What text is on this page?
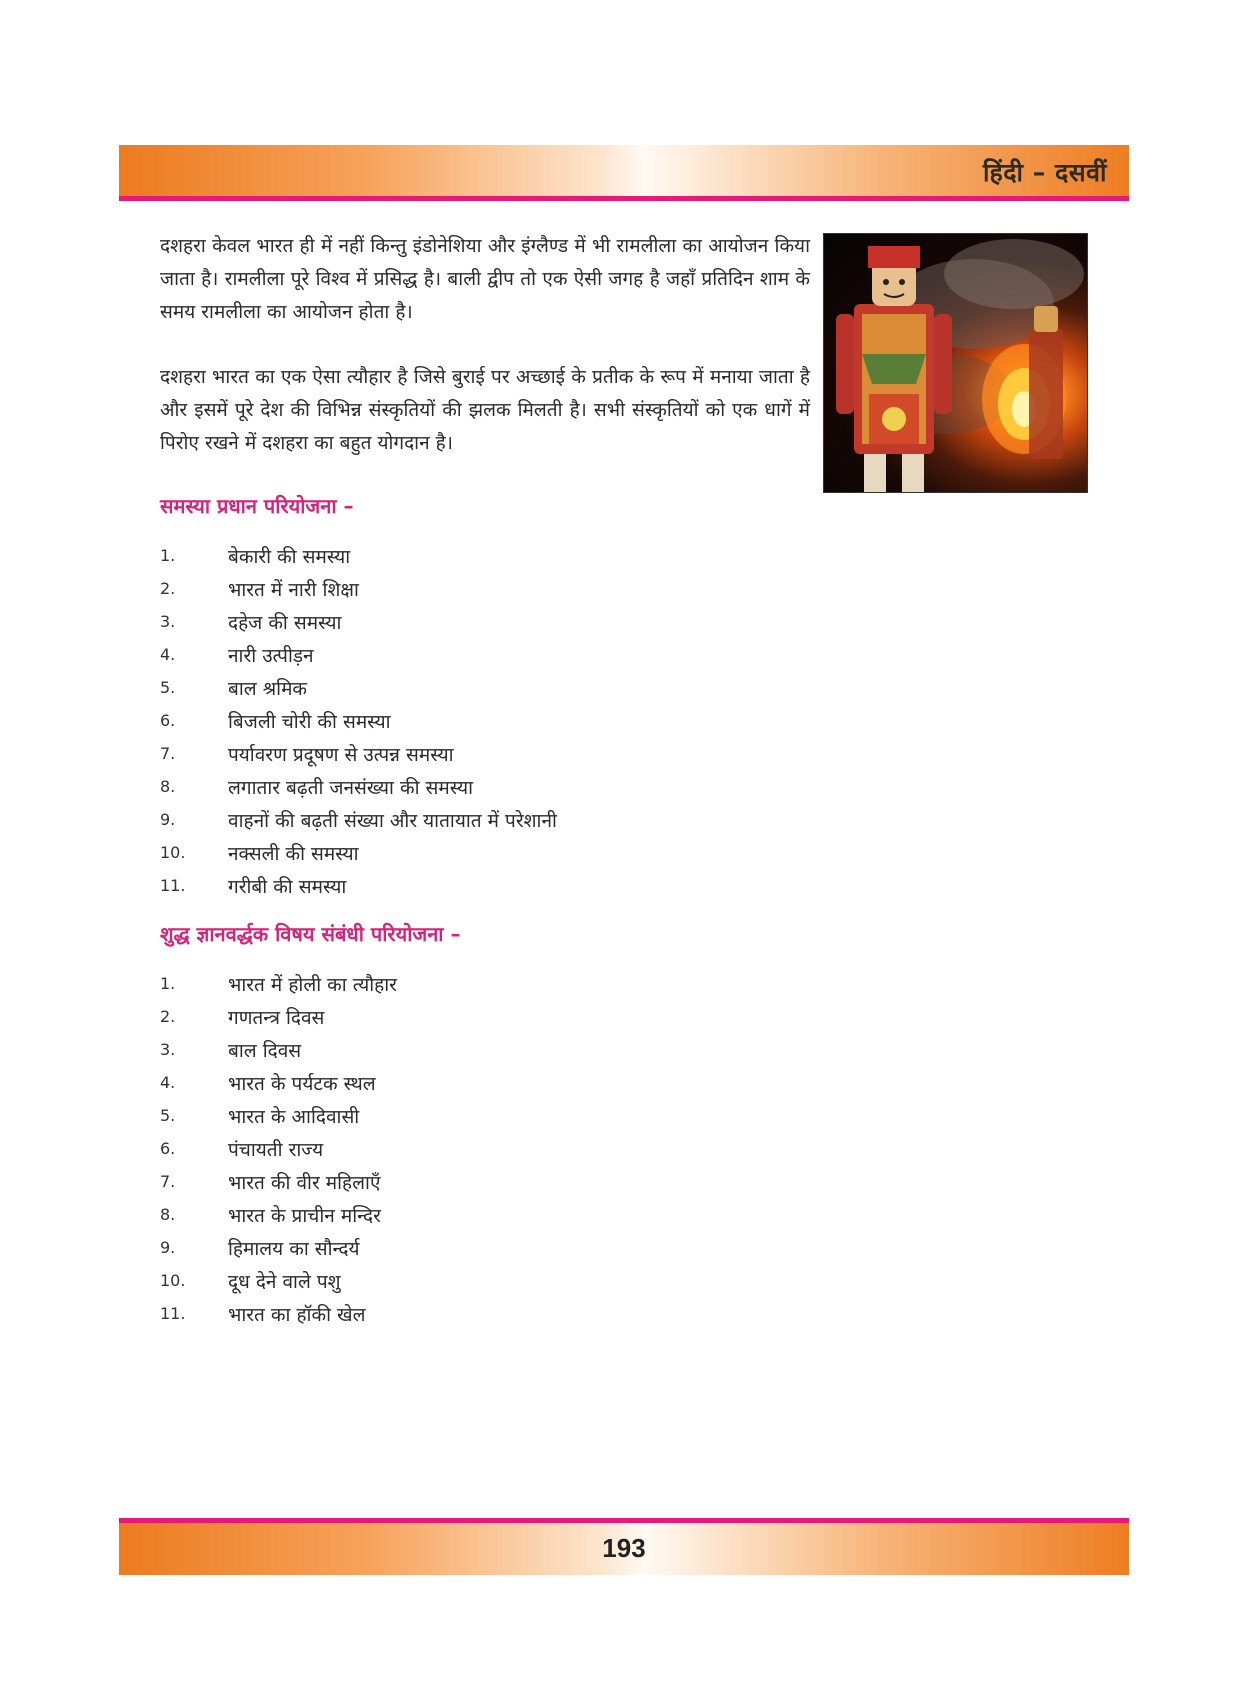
हिंदी – दसवीं

दशहरा केवल भारत ही में नहीं किन्तु इंडोनेशिया और इंग्लैण्ड में भी रामलीला का आयोजन किया जाता है। रामलीला पूरे विश्व में प्रसिद्ध है। बाली द्वीप तो एक ऐसी जगह है जहाँ प्रतिदिन शाम के समय रामलीला का आयोजन होता है।

दशहरा भारत का एक ऐसा त्यौहार है जिसे बुराई पर अच्छाई के प्रतीक के रूप में मनाया जाता है और इसमें पूरे देश की विभिन्न संस्कृतियों की झलक मिलती है। सभी संस्कृतियों को एक धागें में पिरोए रखने में दशहरा का बहुत योगदान है।

समस्या प्रधान परियोजना –
1.	बेकारी की समस्या
2.	भारत में नारी शिक्षा
3.	दहेज की समस्या
4.	नारी उत्पीड़न
5.	बाल श्रमिक
6.	बिजली चोरी की समस्या
7.	पर्यावरण प्रदूषण से उत्पन्न समस्या
8.	लगातार बढ़ती जनसंख्या की समस्या
9.	वाहनों की बढ़ती संख्या और यातायात में परेशानी
10.	नक्सली की समस्या
11.	गरीबी की समस्या
शुद्ध ज्ञानवर्द्धक विषय संबंधी परियोजना –
1.	भारत में होली का त्यौहार
2.	गणतन्त्र दिवस
3.	बाल दिवस
4.	भारत के पर्यटक स्थल
5.	भारत के आदिवासी
6.	पंचायती राज्य
7.	भारत की वीर महिलाएँ
8.	भारत के प्राचीन मन्दिर
9.	हिमालय का सौन्दर्य
10.	दूध देने वाले पशु
11.	भारत का हॉकी खेल
193
